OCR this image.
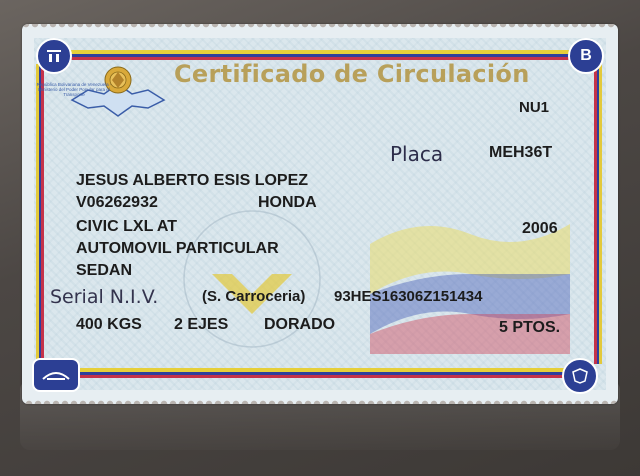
B
República Bolivariana de Venezuela · Ministerio del Poder Popular para el Transporte
Certificado de Circulación
NU1
Placa	MEH36T
JESUS ALBERTO ESIS LOPEZ
V06262932	HONDA
CIVIC LXL AT	2006
AUTOMOVIL PARTICULAR
SEDAN
Serial N.I.V.	(S. Carroceria) 93HES16306Z151434
400 KGS 2 EJES DORADO	5 PTOS.
